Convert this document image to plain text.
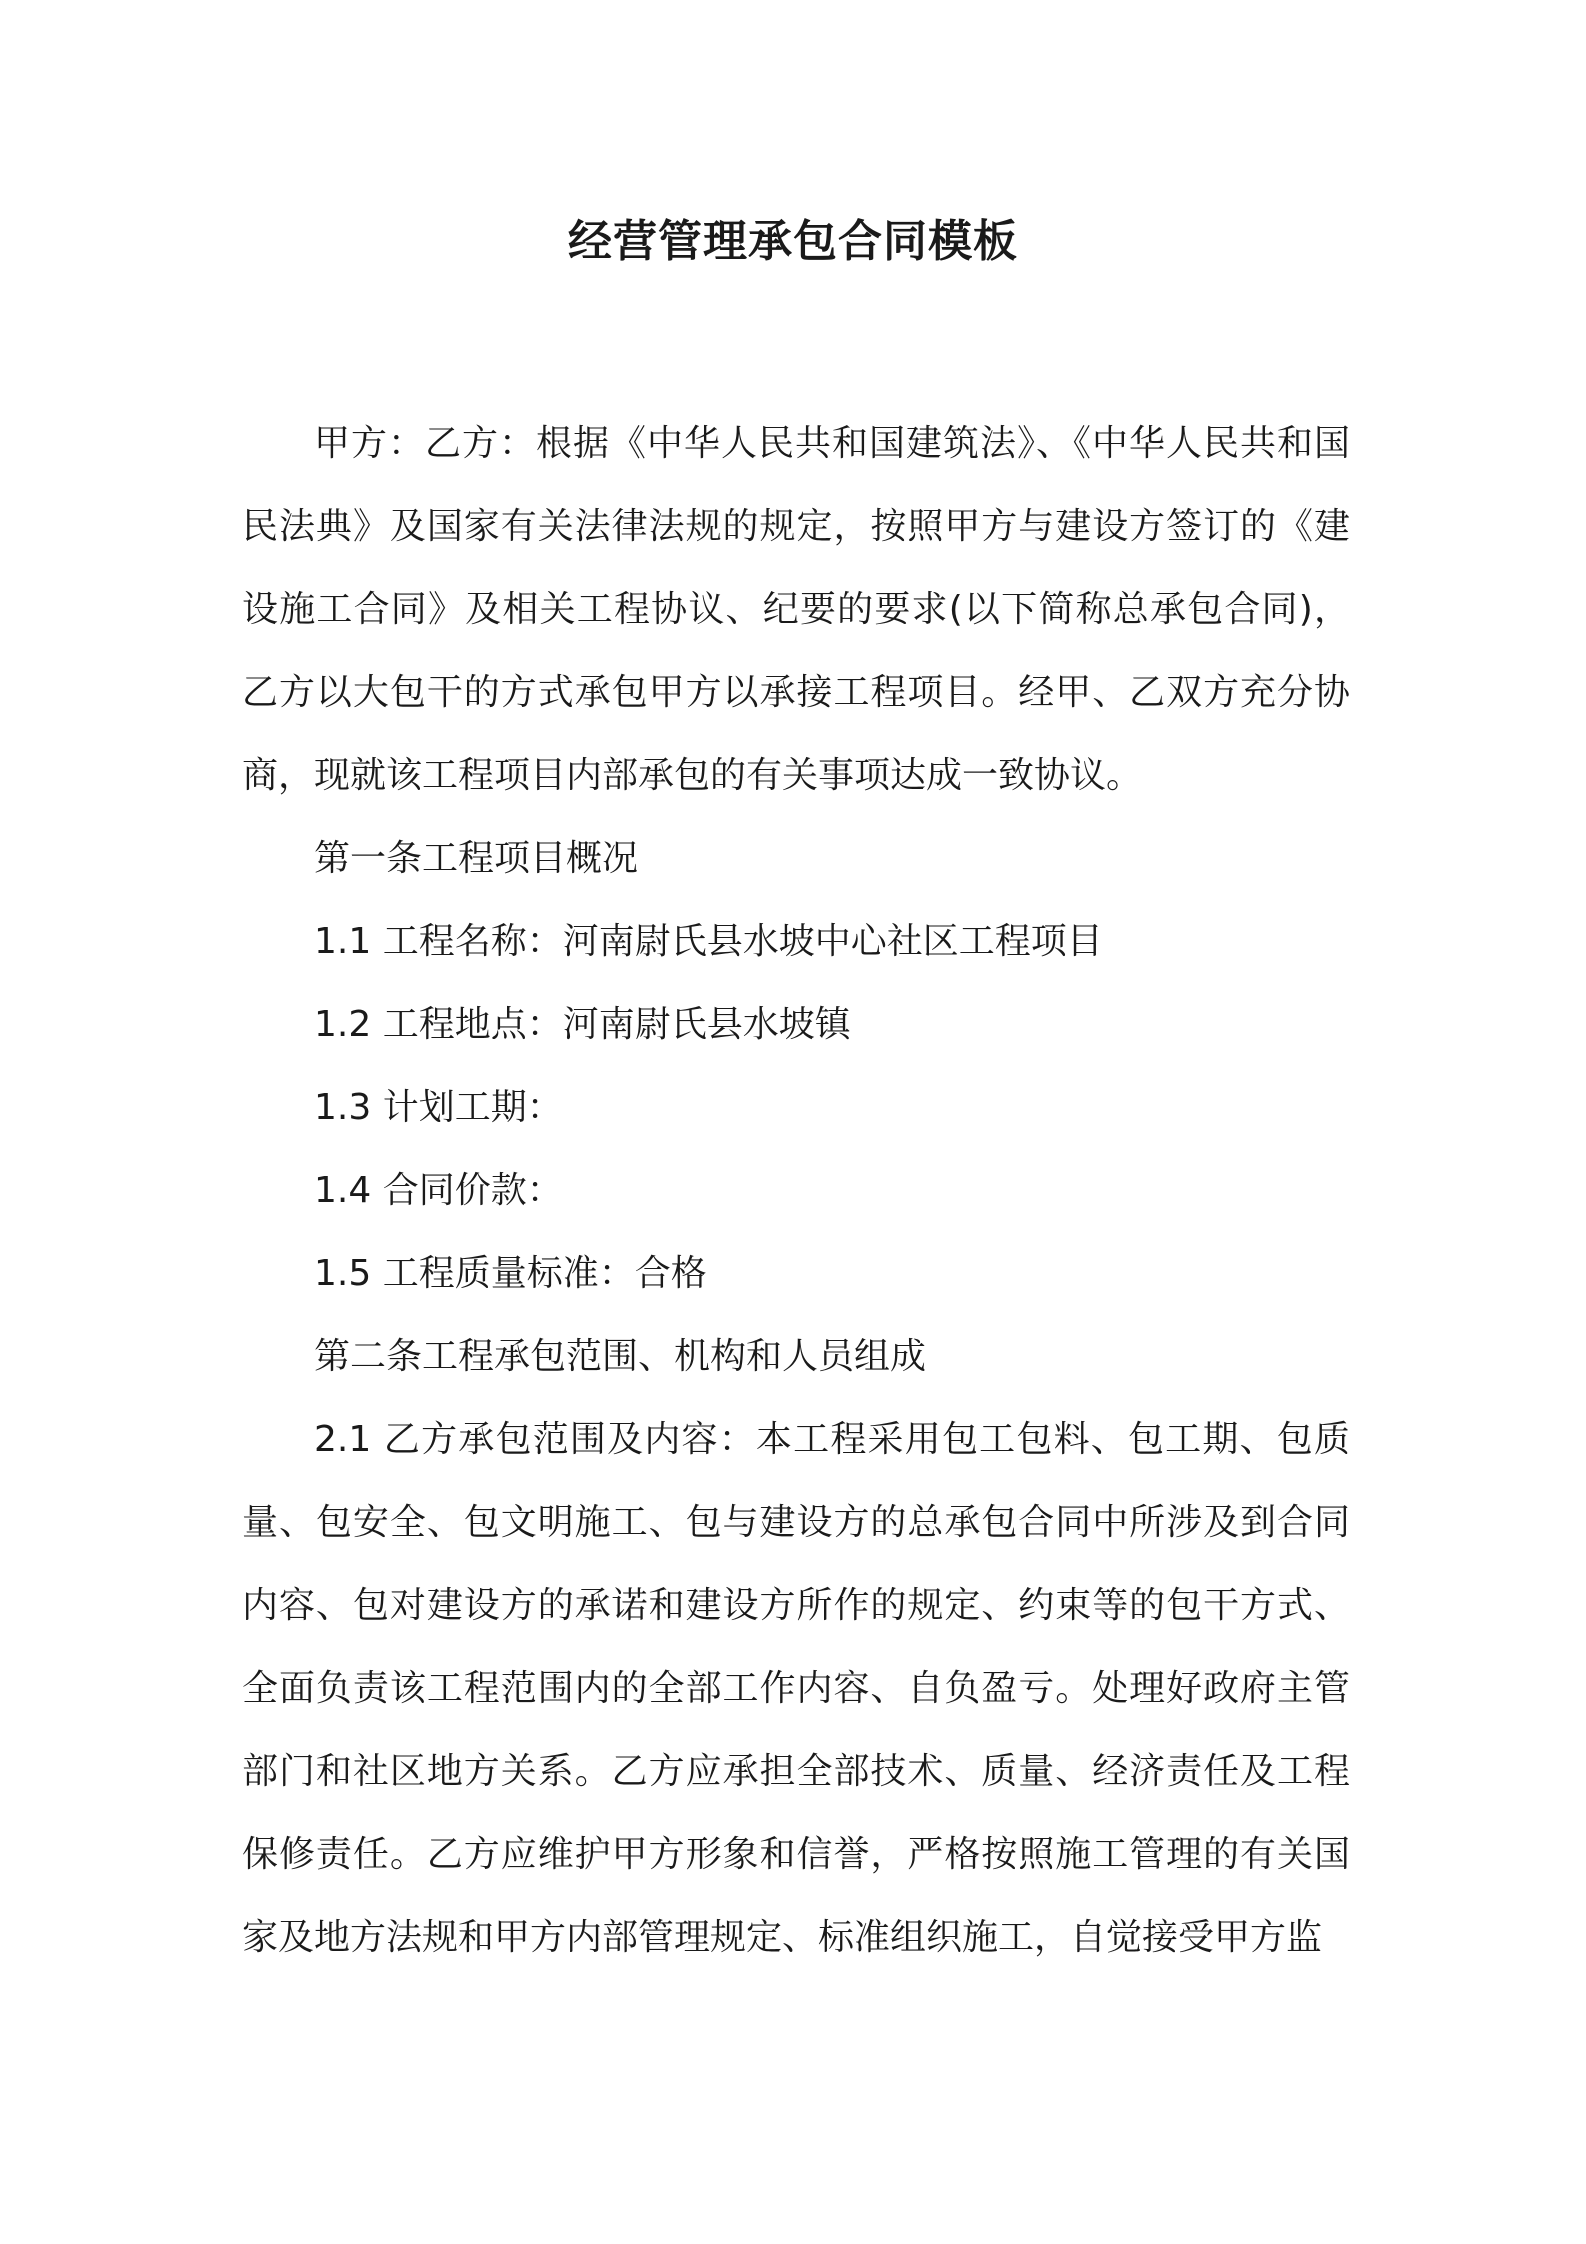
经营管理承包合同模板

甲方：乙方：根据《中华人民共和国建筑法》、《中华人民共和国民法典》及国家有关法律法规的规定，按照甲方与建设方签订的《建设施工合同》及相关工程协议、纪要的要求(以下简称总承包合同)，乙方以大包干的方式承包甲方以承接工程项目。经甲、乙双方充分协商，现就该工程项目内部承包的有关事项达成一致协议。

第一条工程项目概况

1.1 工程名称：河南尉氏县水坡中心社区工程项目

1.2 工程地点：河南尉氏县水坡镇

1.3 计划工期：

1.4 合同价款：

1.5 工程质量标准：合格

第二条工程承包范围、机构和人员组成

2.1 乙方承包范围及内容：本工程采用包工包料、包工期、包质量、包安全、包文明施工、包与建设方的总承包合同中所涉及到合同内容、包对建设方的承诺和建设方所作的规定、约束等的包干方式、全面负责该工程范围内的全部工作内容、自负盈亏。处理好政府主管部门和社区地方关系。乙方应承担全部技术、质量、经济责任及工程保修责任。乙方应维护甲方形象和信誉，严格按照施工管理的有关国家及地方法规和甲方内部管理规定、标准组织施工，自觉接受甲方监
